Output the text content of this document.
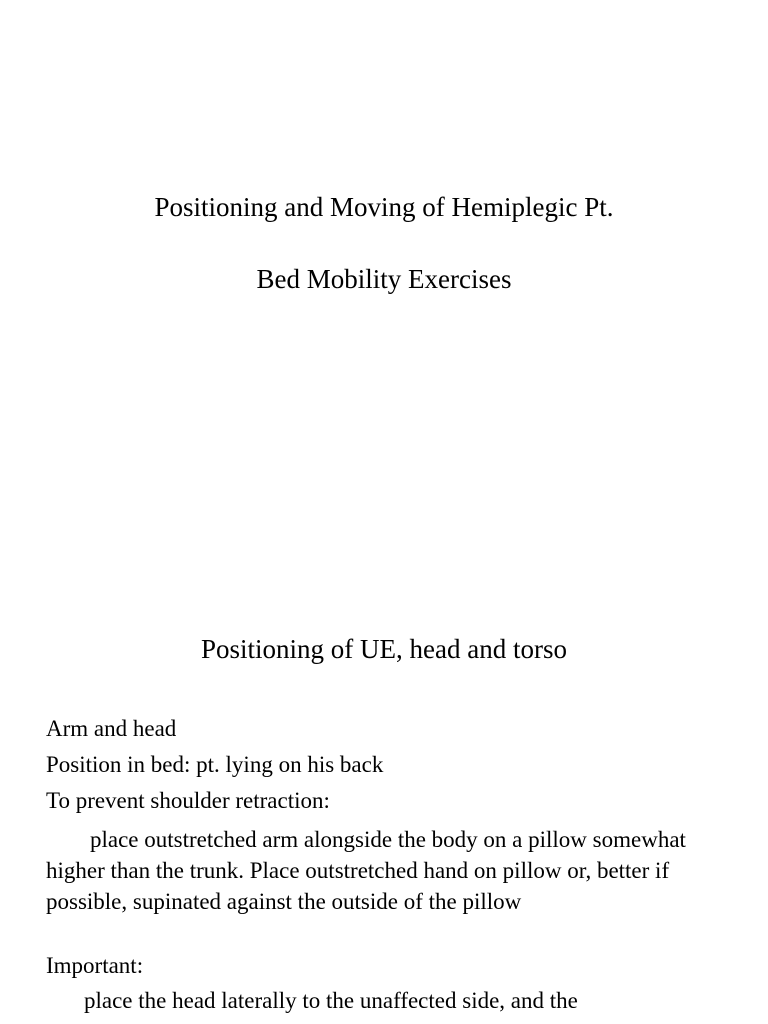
Positioning and Moving of Hemiplegic Pt.
Bed Mobility Exercises
Positioning of UE, head and torso
Arm and head
Position in bed: pt. lying on his back
To prevent shoulder retraction:
place outstretched arm alongside the body on a pillow somewhat higher than the trunk. Place outstretched hand on pillow or, better if possible, supinated against the outside of the pillow
Important:
place the head laterally to the unaffected side, and the
